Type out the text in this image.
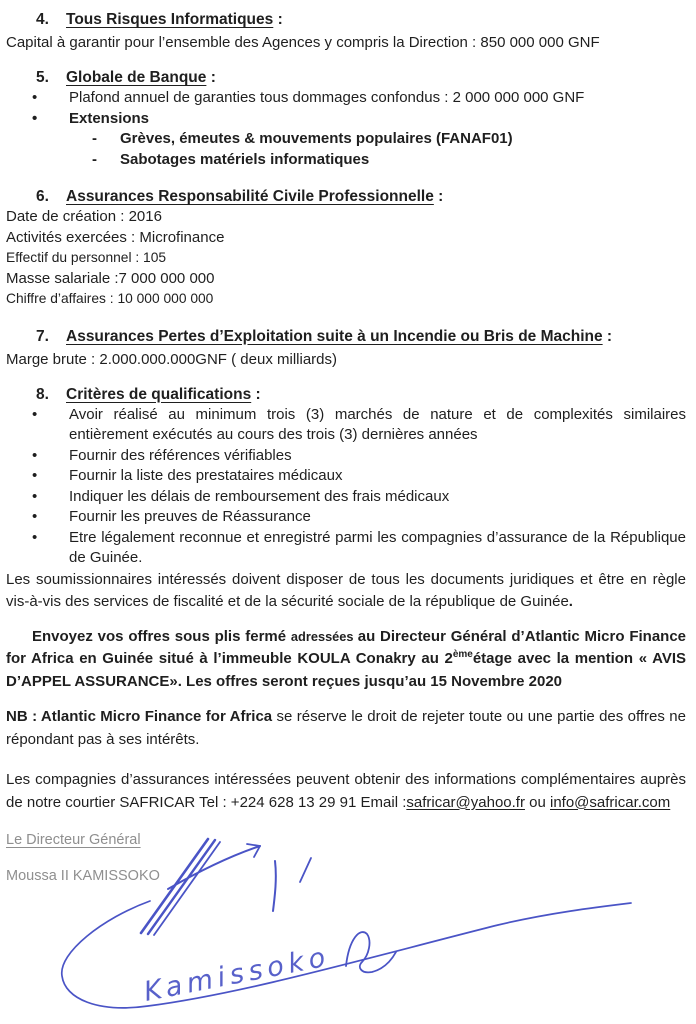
4.	Tous Risques Informatiques :

Capital à garantir pour l’ensemble des Agences y compris la Direction : 850 000 000 GNF

5.	Globale de Banque :
•	Plafond annuel de garanties tous dommages confondus : 2 000 000 000 GNF
•	Extensions
-	Grèves, émeutes & mouvements populaires (FANAF01)
-	Sabotages matériels informatiques
6.	Assurances Responsabilité Civile Professionnelle :

Date de création : 2016

Activités exercées : Microfinance

Effectif du personnel : 105

Masse salariale :7 000 000 000

Chiffre d’affaires : 10 000 000 000

7.	Assurances Pertes d’Exploitation suite à un Incendie ou Bris de Machine :

Marge brute : 2.000.000.000GNF ( deux milliards)

8.	Critères de qualifications :
•	Avoir réalisé au minimum trois (3) marchés de nature et de complexités similaires entièrement exécutés au cours des trois (3) dernières années
•	Fournir des références vérifiables
•	Fournir la liste des prestataires médicaux
•	Indiquer les délais de remboursement des frais médicaux
•	Fournir les preuves de Réassurance
•	Etre légalement reconnue et enregistré parmi les compagnies d’assurance de la République de Guinée.

Les soumissionnaires intéressés doivent disposer de tous les documents juridiques et être en règle vis-à-vis des services de fiscalité et de la sécurité sociale de la république de Guinée.

Envoyez vos offres sous plis fermé adressées au Directeur Général d’Atlantic Micro Finance for Africa en Guinée situé à l’immeuble KOULA Conakry au 2èmeétage avec la mention « AVIS D’APPEL ASSURANCE». Les offres seront reçues jusqu’au 15 Novembre 2020

NB : Atlantic Micro Finance for Africa se réserve le droit de rejeter toute ou une partie des offres ne répondant pas à ses intérêts.

Les compagnies d’assurances intéressées peuvent obtenir des informations complémentaires auprès de notre courtier SAFRICAR Tel : +224 628 13 29 91 Email :safricar@yahoo.fr ou info@safricar.com

Le Directeur Général

Moussa II KAMISSOKO

Kamissoko
